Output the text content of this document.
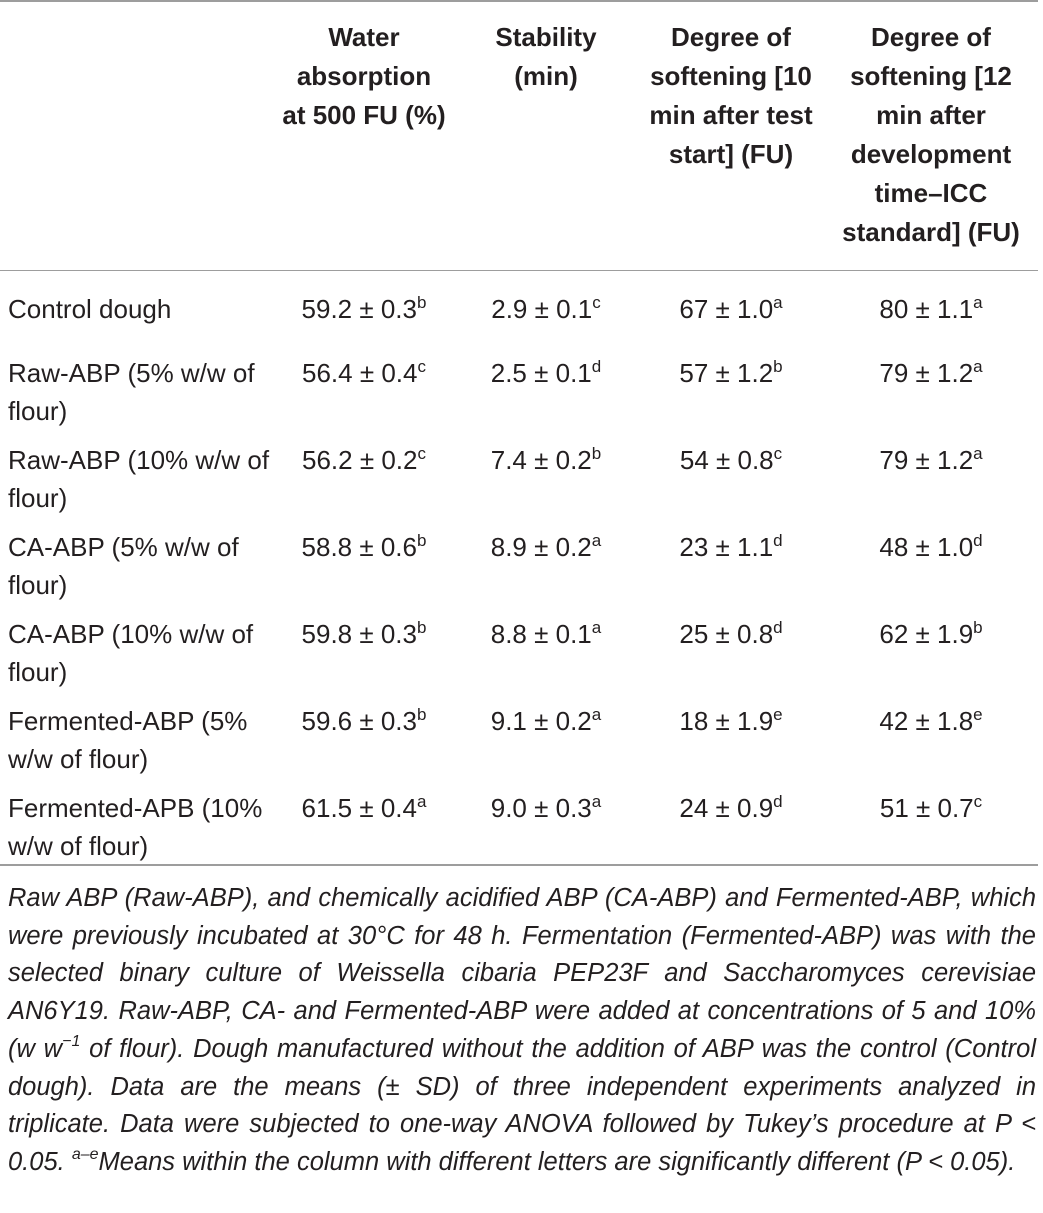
	Water absorption at 500 FU (%)	Stability (min)	Degree of softening [10 min after test start] (FU)	Degree of softening [12 min after development time–ICC standard] (FU)
Control dough	59.2 ± 0.3$^b$	2.9 ± 0.1$^c$	67 ± 1.0$^a$	80 ± 1.1$^a$
Raw-ABP (5% w/w of flour)	56.4 ± 0.4$^c$	2.5 ± 0.1$^d$	57 ± 1.2$^b$	79 ± 1.2$^a$
Raw-ABP (10% w/w of flour)	56.2 ± 0.2$^c$	7.4 ± 0.2$^b$	54 ± 0.8$^c$	79 ± 1.2$^a$
CA-ABP (5% w/w of flour)	58.8 ± 0.6$^b$	8.9 ± 0.2$^a$	23 ± 1.1$^d$	48 ± 1.0$^d$
CA-ABP (10% w/w of flour)	59.8 ± 0.3$^b$	8.8 ± 0.1$^a$	25 ± 0.8$^d$	62 ± 1.9$^b$
Fermented-ABP (5% w/w of flour)	59.6 ± 0.3$^b$	9.1 ± 0.2$^a$	18 ± 1.9$^e$	42 ± 1.8$^e$
Fermented-APB (10% w/w of flour)	61.5 ± 0.4$^a$	9.0 ± 0.3$^a$	24 ± 0.9$^d$	51 ± 0.7$^c$
Raw ABP (Raw-ABP), and chemically acidified ABP (CA-ABP) and Fermented-ABP, which were previously incubated at 30°C for 48 h. Fermentation (Fermented-ABP) was with the selected binary culture of Weissella cibaria PEP23F and Saccharomyces cerevisiae AN6Y19. Raw-ABP, CA- and Fermented-ABP were added at concentrations of 5 and 10% (w $w^{-1}$ of flour). Dough manufactured without the addition of ABP was the control (Control dough). Data are the means (± SD) of three independent experiments analyzed in triplicate. Data were subjected to one-way ANOVA followed by Tukey’s procedure at P < 0.05. $^{a-e}$Means within the column with different letters are significantly different (P < 0.05).
